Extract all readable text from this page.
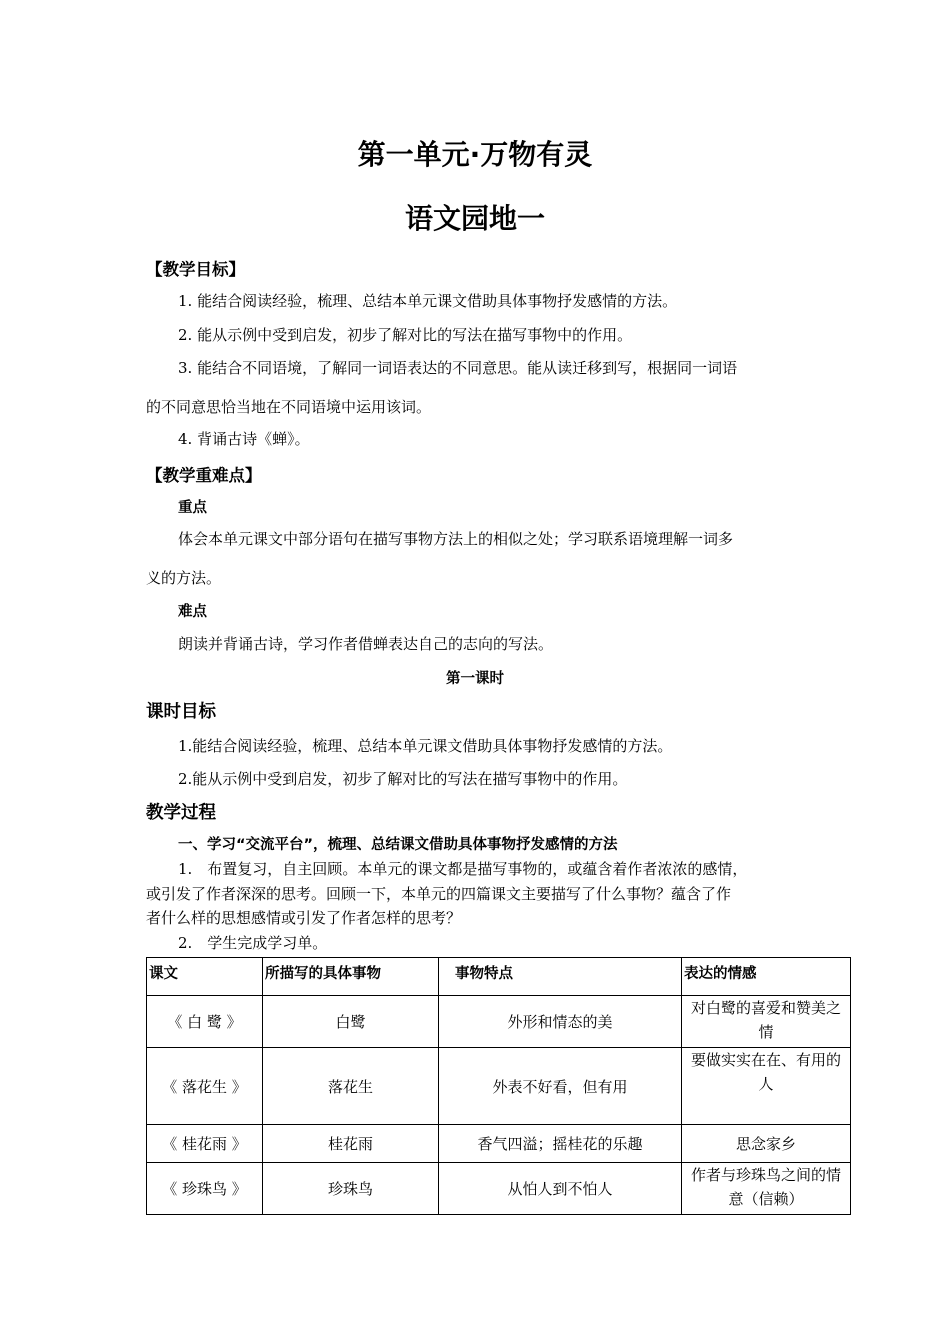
第一单元·万物有灵
语文园地一
【教学目标】
1. 能结合阅读经验，梳理、总结本单元课文借助具体事物抒发感情的方法。
2. 能从示例中受到启发，初步了解对比的写法在描写事物中的作用。
3. 能结合不同语境，了解同一词语表达的不同意思。能从读迁移到写，根据同一词语
的不同意思恰当地在不同语境中运用该词。
4. 背诵古诗《蝉》。
【教学重难点】
重点
体会本单元课文中部分语句在描写事物方法上的相似之处；学习联系语境理解一词多
义的方法。
难点
朗读并背诵古诗，学习作者借蝉表达自己的志向的写法。
第一课时
课时目标
1.能结合阅读经验，梳理、总结本单元课文借助具体事物抒发感情的方法。
2.能从示例中受到启发，初步了解对比的写法在描写事物中的作用。
教学过程
一、学习“交流平台”，梳理、总结课文借助具体事物抒发感情的方法
1.　布置复习，自主回顾。本单元的课文都是描写事物的，或蕴含着作者浓浓的感情，
或引发了作者深深的思考。回顾一下，本单元的四篇课文主要描写了什么事物？蕴含了作
者什么样的思想感情或引发了作者怎样的思考？
2.　学生完成学习单。
课文	所描写的具体事物	事物特点	表达的情感
《 白 鹭 》	白鹭	外形和情态的美	对白鹭的喜爱和赞美之情
《 落花生 》	落花生	外表不好看，但有用	要做实实在在、有用的人
《 桂花雨 》	桂花雨	香气四溢；摇桂花的乐趣	思念家乡
《 珍珠鸟 》	珍珠鸟	从怕人到不怕人	作者与珍珠鸟之间的情意（信赖）
